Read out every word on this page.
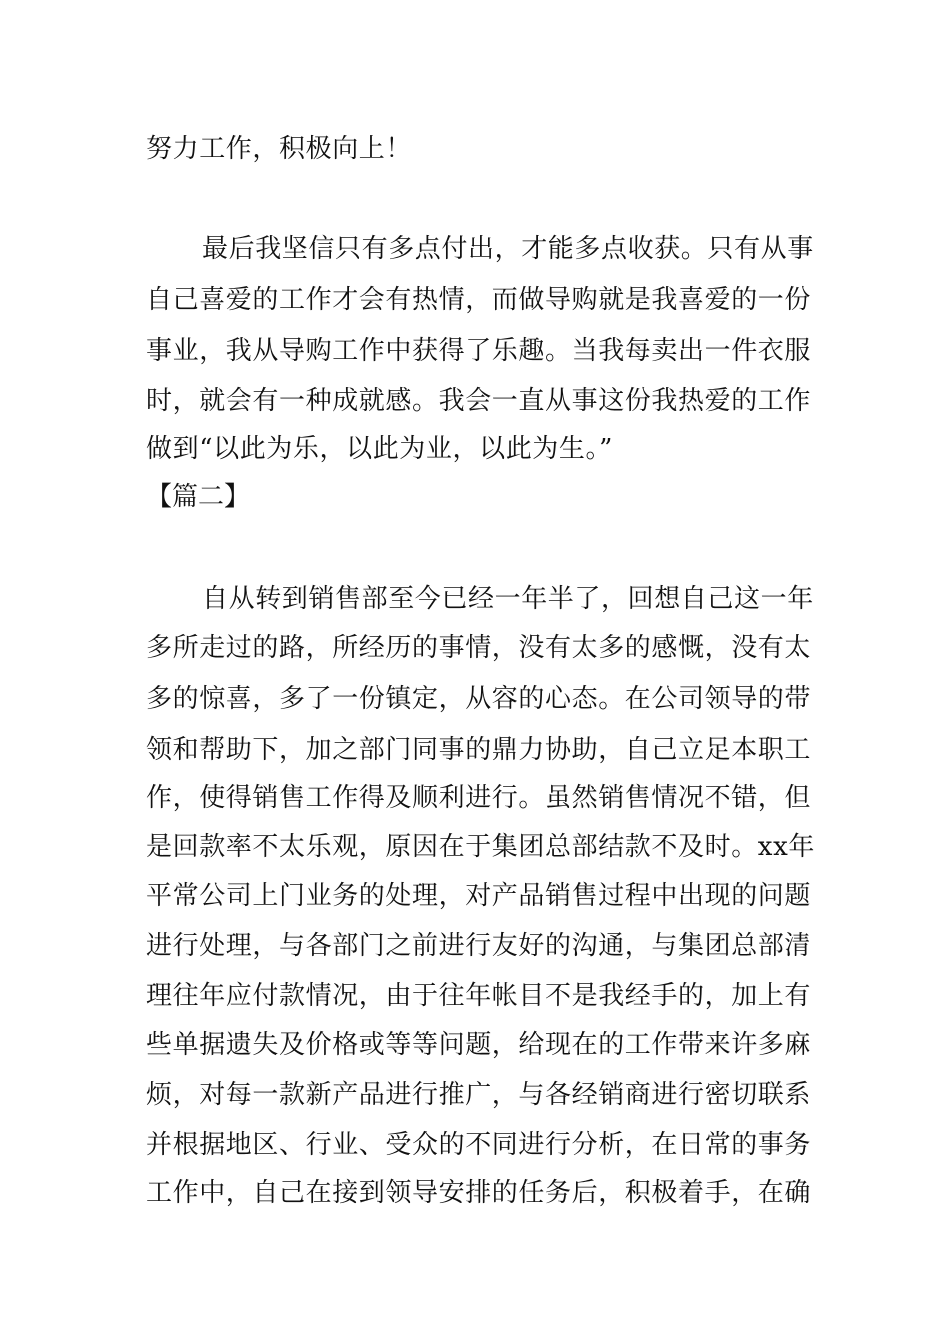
努力工作，积极向上！
最后我坚信只有多点付出，才能多点收获。只有从事
自己喜爱的工作才会有热情，而做导购就是我喜爱的一份
事业，我从导购工作中获得了乐趣。当我每卖出一件衣服
时，就会有一种成就感。我会一直从事这份我热爱的工作
做到“以此为乐，以此为业，以此为生。”
【篇二】
自从转到销售部至今已经一年半了，回想自己这一年
多所走过的路，所经历的事情，没有太多的感慨，没有太
多的惊喜，多了一份镇定，从容的心态。在公司领导的带
领和帮助下，加之部门同事的鼎力协助，自己立足本职工
作，使得销售工作得及顺利进行。虽然销售情况不错，但
是回款率不太乐观，原因在于集团总部结款不及时。xx年
平常公司上门业务的处理，对产品销售过程中出现的问题
进行处理，与各部门之前进行友好的沟通，与集团总部清
理往年应付款情况，由于往年帐目不是我经手的，加上有
些单据遗失及价格或等等问题，给现在的工作带来许多麻
烦，对每一款新产品进行推广，与各经销商进行密切联系
并根据地区、行业、受众的不同进行分析，在日常的事务
工作中，自己在接到领导安排的任务后，积极着手，在确
